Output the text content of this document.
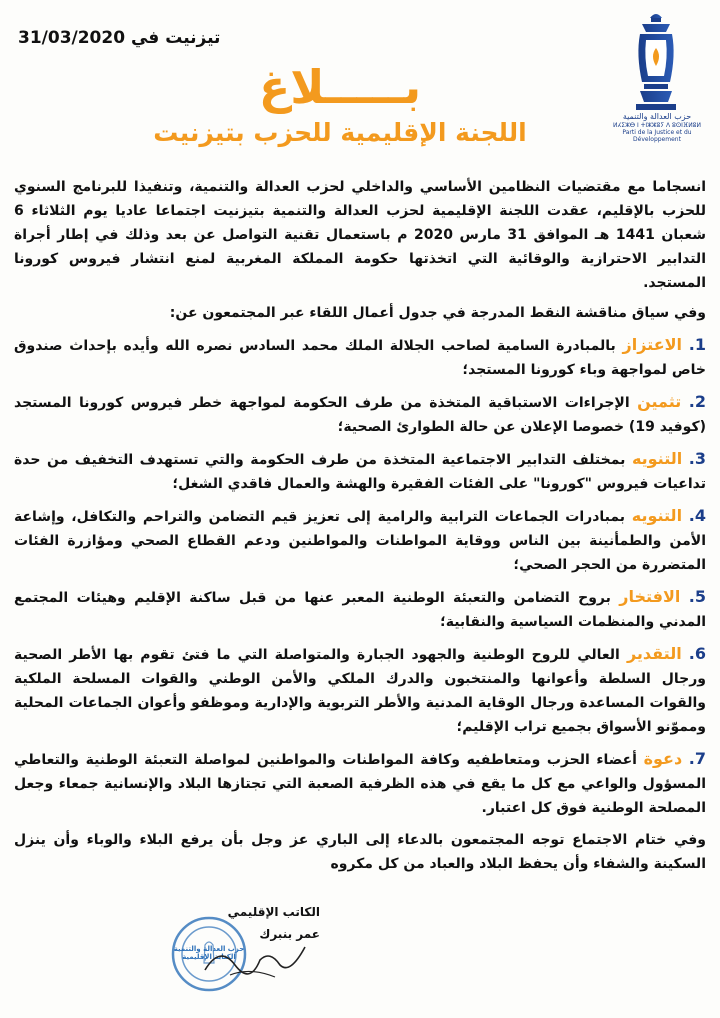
تيزنيت في 31/03/2020
حزب العدالة والتنمية
ⵍⵃⵉⵣⴱ ⵏ ⵜⵏⵣⵣⵓⵢ ⴷ ⵓⵙⵏⴼⵍⵓⵍ
Parti de la Justice et du Développement
بـــــلاغ
اللجنة الإقليمية للحزب بتيزنيت

انسجاما مع مقتضيات النظامين الأساسي والداخلي لحزب العدالة والتنمية، وتنفيذا للبرنامج السنوي للحزب بالإقليم، عقدت اللجنة الإقليمية لحزب العدالة والتنمية بتيزنيت اجتماعا عاديا يوم الثلاثاء 6 شعبان 1441 هـ الموافق 31 مارس 2020 م باستعمال تقنية التواصل عن بعد وذلك في إطار أجراة التدابير الاحترازية والوقائية التي اتخذتها حكومة المملكة المغربية لمنع انتشار فيروس كورونا المستجد.

وفي سياق مناقشة النقط المدرجة في جدول أعمال اللقاء عبر المجتمعون عن:

1. الاعتزاز بالمبادرة السامية لصاحب الجلالة الملك محمد السادس نصره الله وأيده بإحداث صندوق خاص لمواجهة وباء كورونا المستجد؛

2. تثمين الإجراءات الاستباقية المتخذة من طرف الحكومة لمواجهة خطر فيروس كورونا المستجد (كوفيد 19) خصوصا الإعلان عن حالة الطوارئ الصحية؛

3. التنويه بمختلف التدابير الاجتماعية المتخذة من طرف الحكومة والتي تستهدف التخفيف من حدة تداعيات فيروس "كورونا" على الفئات الفقيرة والهشة والعمال فاقدي الشغل؛

4. التنويه بمبادرات الجماعات الترابية والرامية إلى تعزيز قيم التضامن والتراحم والتكافل، وإشاعة الأمن والطمأنينة بين الناس ووقاية المواطنات والمواطنين ودعم القطاع الصحي ومؤازرة الفئات المتضررة من الحجر الصحي؛

5. الافتخار بروح التضامن والتعبئة الوطنية المعبر عنها من قبل ساكنة الإقليم وهيئات المجتمع المدني والمنظمات السياسية والنقابية؛

6. التقدير العالي للروح الوطنية والجهود الجبارة والمتواصلة التي ما فتئ تقوم بها الأطر الصحية ورجال السلطة وأعوانها والمنتخبون والدرك الملكي والأمن الوطني والقوات المسلحة الملكية والقوات المساعدة ورجال الوقاية المدنية والأطر التربوية والإدارية وموظفو وأعوان الجماعات المحلية ومموّنو الأسواق بجميع تراب الإقليم؛

7. دعوة أعضاء الحزب ومتعاطفيه وكافة المواطنات والمواطنين لمواصلة التعبئة الوطنية والتعاطي المسؤول والواعي مع كل ما يقع في هذه الظرفية الصعبة التي تجتازها البلاد والإنسانية جمعاء وجعل المصلحة الوطنية فوق كل اعتبار.

وفي ختام الاجتماع توجه المجتمعون بالدعاء إلى الباري عز وجل بأن يرفع البلاء والوباء وأن ينزل السكينة والشفاء وأن يحفظ البلاد والعباد من كل مكروه

الكاتب الإقليمي
عمر بنبرك
حزب العدالة والتنمية الكتابة الإقليمية
